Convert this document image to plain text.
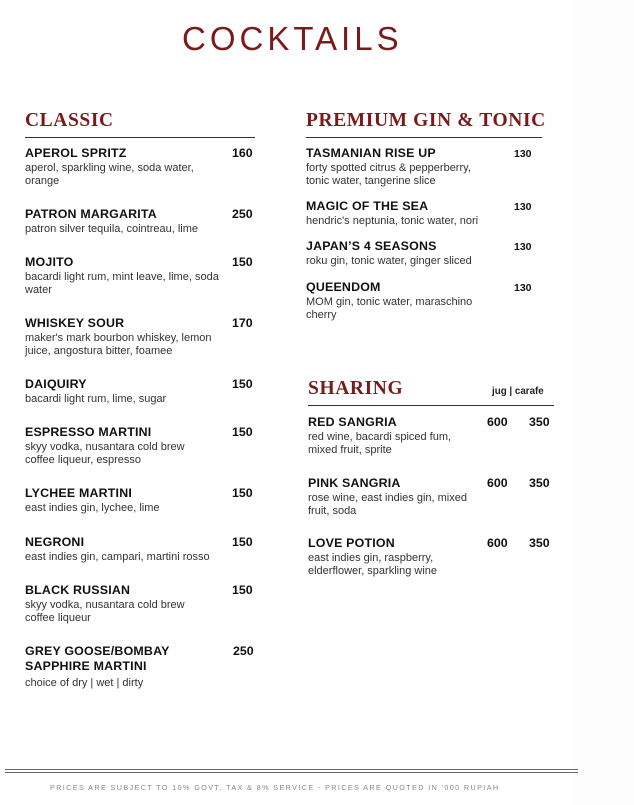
COCKTAILS
CLASSIC
APEROL SPRITZ
aperol, sparkling wine, soda water, orange
160
PATRON MARGARITA
patron silver tequila, cointreau, lime
250
MOJITO
bacardi light rum, mint leave, lime, soda water
150
WHISKEY SOUR
maker's mark bourbon whiskey, lemon juice, angostura bitter, foamee
170
DAIQUIRY
bacardi light rum, lime, sugar
150
ESPRESSO MARTINI
skyy vodka, nusantara cold brew coffee liqueur, espresso
150
LYCHEE MARTINI
east indies gin, lychee, lime
150
NEGRONI
east indies gin, campari, martini rosso
150
BLACK RUSSIAN
skyy vodka, nusantara cold brew coffee liqueur
150
GREY GOOSE/BOMBAY SAPPHIRE MARTINI
choice of dry | wet | dirty
250
PREMIUM GIN & TONIC
TASMANIAN RISE UP
forty spotted citrus & pepperberry, tonic water, tangerine slice
130
MAGIC OF THE SEA
hendric's neptunia, tonic water, nori
130
JAPAN’S 4 SEASONS
roku gin, tonic water, ginger sliced
130
QUEENDOM
MOM gin, tonic water, maraschino cherry
130
SHARING	jug | carafe
RED SANGRIA
red wine, bacardi spiced fum, mixed fruit, sprite
600 350
PINK SANGRIA
rose wine, east indies gin, mixed fruit, soda
600 350
LOVE POTION
east indies gin, raspberry, elderflower, sparkling wine
600 350
PRICES ARE SUBJECT TO 10% GOVT. TAX & 8% SERVICE - PRICES ARE QUOTED IN '000 RUPIAH
